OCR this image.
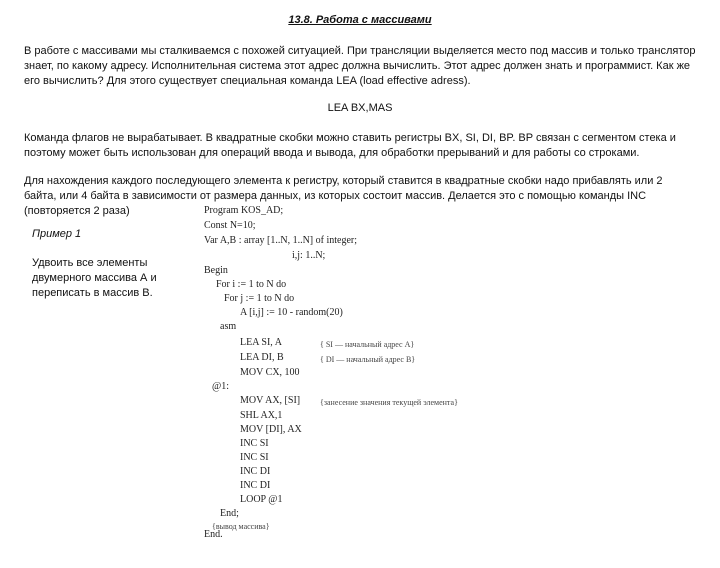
13.8. Работа с массивами

В работе с массивами мы сталкиваемся с похожей ситуацией. При трансляции выделяется место под массив и только транслятор знает, по какому адресу. Исполнительная система этот адрес должна вычислить. Этот адрес должен знать и программист. Как же его вычислить? Для этого существует специальная команда LEA (load effective adress).

LEA BX,MAS

Команда флагов не вырабатывает. В квадратные скобки можно ставить регистры BX, SI, DI, BP. BP связан с сегментом стека и поэтому может быть использован для операций ввода и вывода, для обработки прерываний и для работы со строками.

Для нахождения каждого последующего элемента к регистру, который ставится в квадратные скобки надо прибавлять или 2 байта, или 4 байта в зависимости от размера данных, из которых состоит массив. Делается это с помощью команды INC (повторяется 2 раза)

Пример 1
Удвоить все элементы двумерного массива А и переписать в массив В.

Program KOS_AD;

Const N=10;

Var A,B : array [1..N, 1..N] of integer;

i,j: 1..N;

Begin

For i := 1 to N do

For j := 1 to N do

A [i,j] := 10 - random(20)

asm

LEA SI, A

	{ SI — начальный адрес A}

LEA DI, B

	{ DI — начальный адрес B}

MOV CX, 100

@1:

MOV AX, [SI]

{занесение значения текущей элемента}

SHL AX,1

MOV [DI], AX

INC SI

INC SI

INC DI

INC DI

LOOP @1

End;

{вывод массива}

End.
